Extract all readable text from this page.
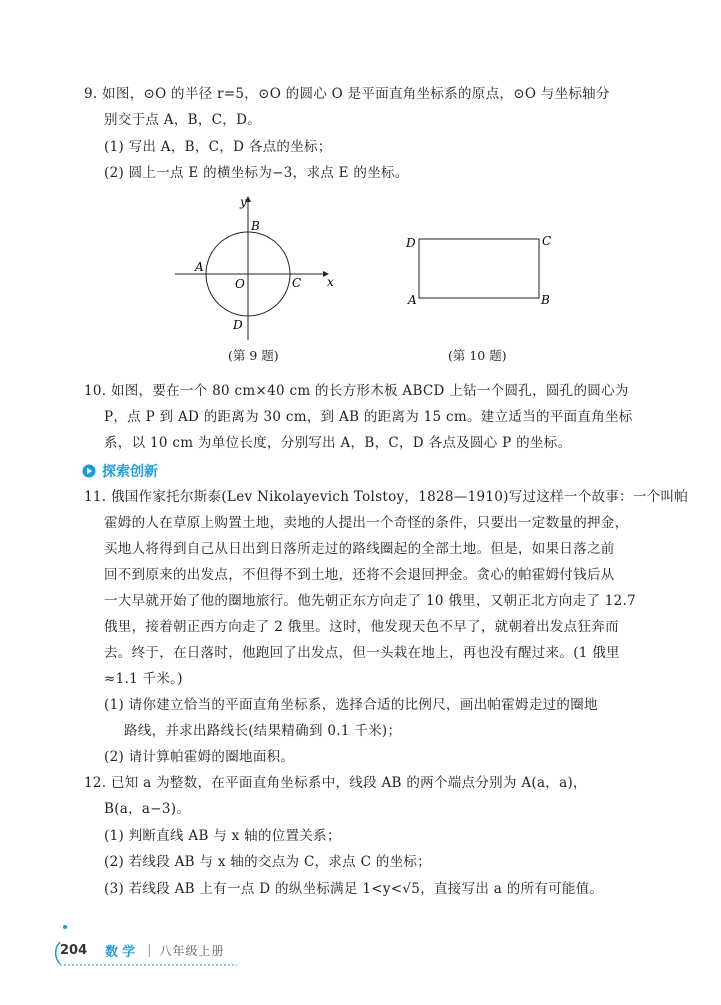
9. 如图，⊙O 的半径 r=5，⊙O 的圆心 O 是平面直角坐标系的原点，⊙O 与坐标轴分
别交于点 A，B，C，D。
(1) 写出 A，B，C，D 各点的坐标；
(2) 圆上一点 E 的横坐标为−3，求点 E 的坐标。
y
x
B
A
O	C
D
(第 9 题)
D	C
A	B
(第 10 题)
10. 如图，要在一个 80 cm×40 cm 的长方形木板 ABCD 上钻一个圆孔，圆孔的圆心为
P，点 P 到 AD 的距离为 30 cm，到 AB 的距离为 15 cm。建立适当的平面直角坐标
系，以 10 cm 为单位长度，分别写出 A，B，C，D 各点及圆心 P 的坐标。
探索创新
11. 俄国作家托尔斯泰(Lev Nikolayevich Tolstoy，1828—1910)写过这样一个故事：一个叫帕
霍姆的人在草原上购置土地，卖地的人提出一个奇怪的条件，只要出一定数量的押金，
买地人将得到自己从日出到日落所走过的路线圈起的全部土地。但是，如果日落之前
回不到原来的出发点，不但得不到土地，还将不会退回押金。贪心的帕霍姆付钱后从
一大早就开始了他的圈地旅行。他先朝正东方向走了 10 俄里，又朝正北方向走了 12.7
俄里，接着朝正西方向走了 2 俄里。这时，他发现天色不早了，就朝着出发点狂奔而
去。终于，在日落时，他跑回了出发点，但一头栽在地上，再也没有醒过来。(1 俄里
≈1.1 千米。)
(1) 请你建立恰当的平面直角坐标系，选择合适的比例尺，画出帕霍姆走过的圈地
路线，并求出路线长(结果精确到 0.1 千米)；
(2) 请计算帕霍姆的圈地面积。
12. 已知 a 为整数，在平面直角坐标系中，线段 AB 的两个端点分别为 A(a，a)，
B(a，a−3)。
(1) 判断直线 AB 与 x 轴的位置关系；
(2) 若线段 AB 与 x 轴的交点为 C，求点 C 的坐标；
(3) 若线段 AB 上有一点 D 的纵坐标满足 1<y<√5，直接写出 a 的所有可能值。
204 数学 | 八年级上册
